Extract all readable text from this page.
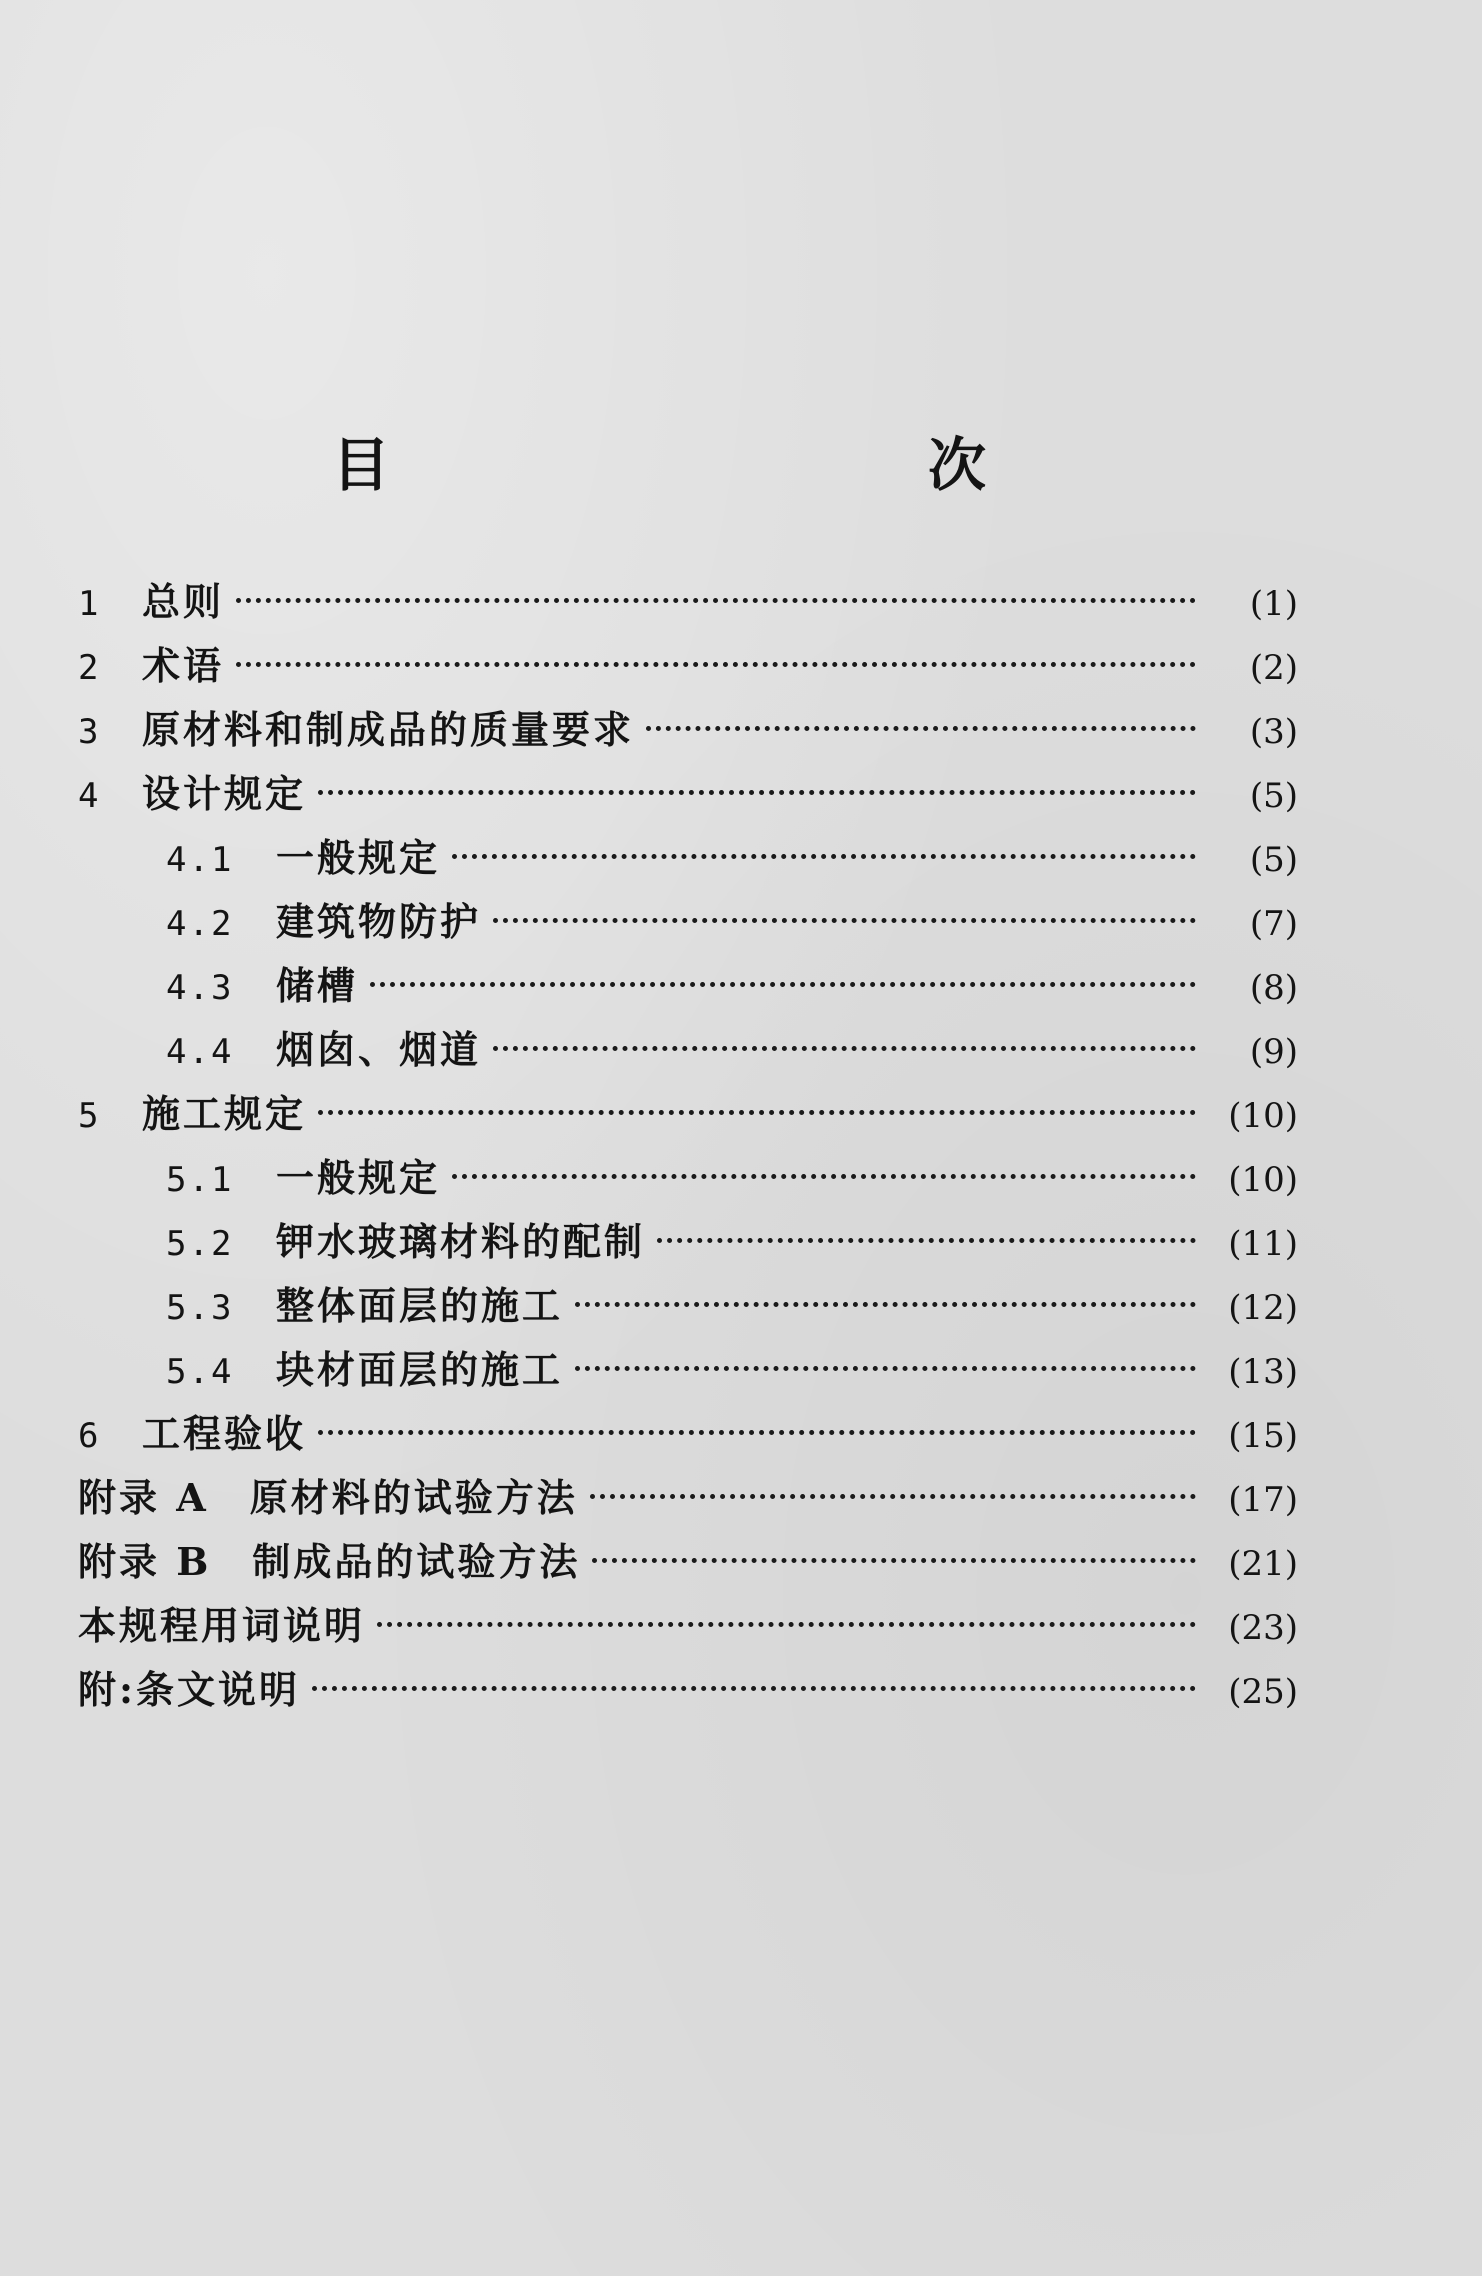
目　次
1	总则	(1)
2	术语	(2)
3	原材料和制成品的质量要求	(3)
4	设计规定	(5)
4.1	一般规定	(5)
4.2	建筑物防护	(7)
4.3	储槽	(8)
4.4	烟囱、烟道	(9)
5	施工规定	(10)
5.1	一般规定	(10)
5.2	钾水玻璃材料的配制	(11)
5.3	整体面层的施工	(12)
5.4	块材面层的施工	(13)
6	工程验收	(15)
附录 A　原材料的试验方法	(17)
附录 B　制成品的试验方法	(21)
本规程用词说明	(23)
附:条文说明	(25)
